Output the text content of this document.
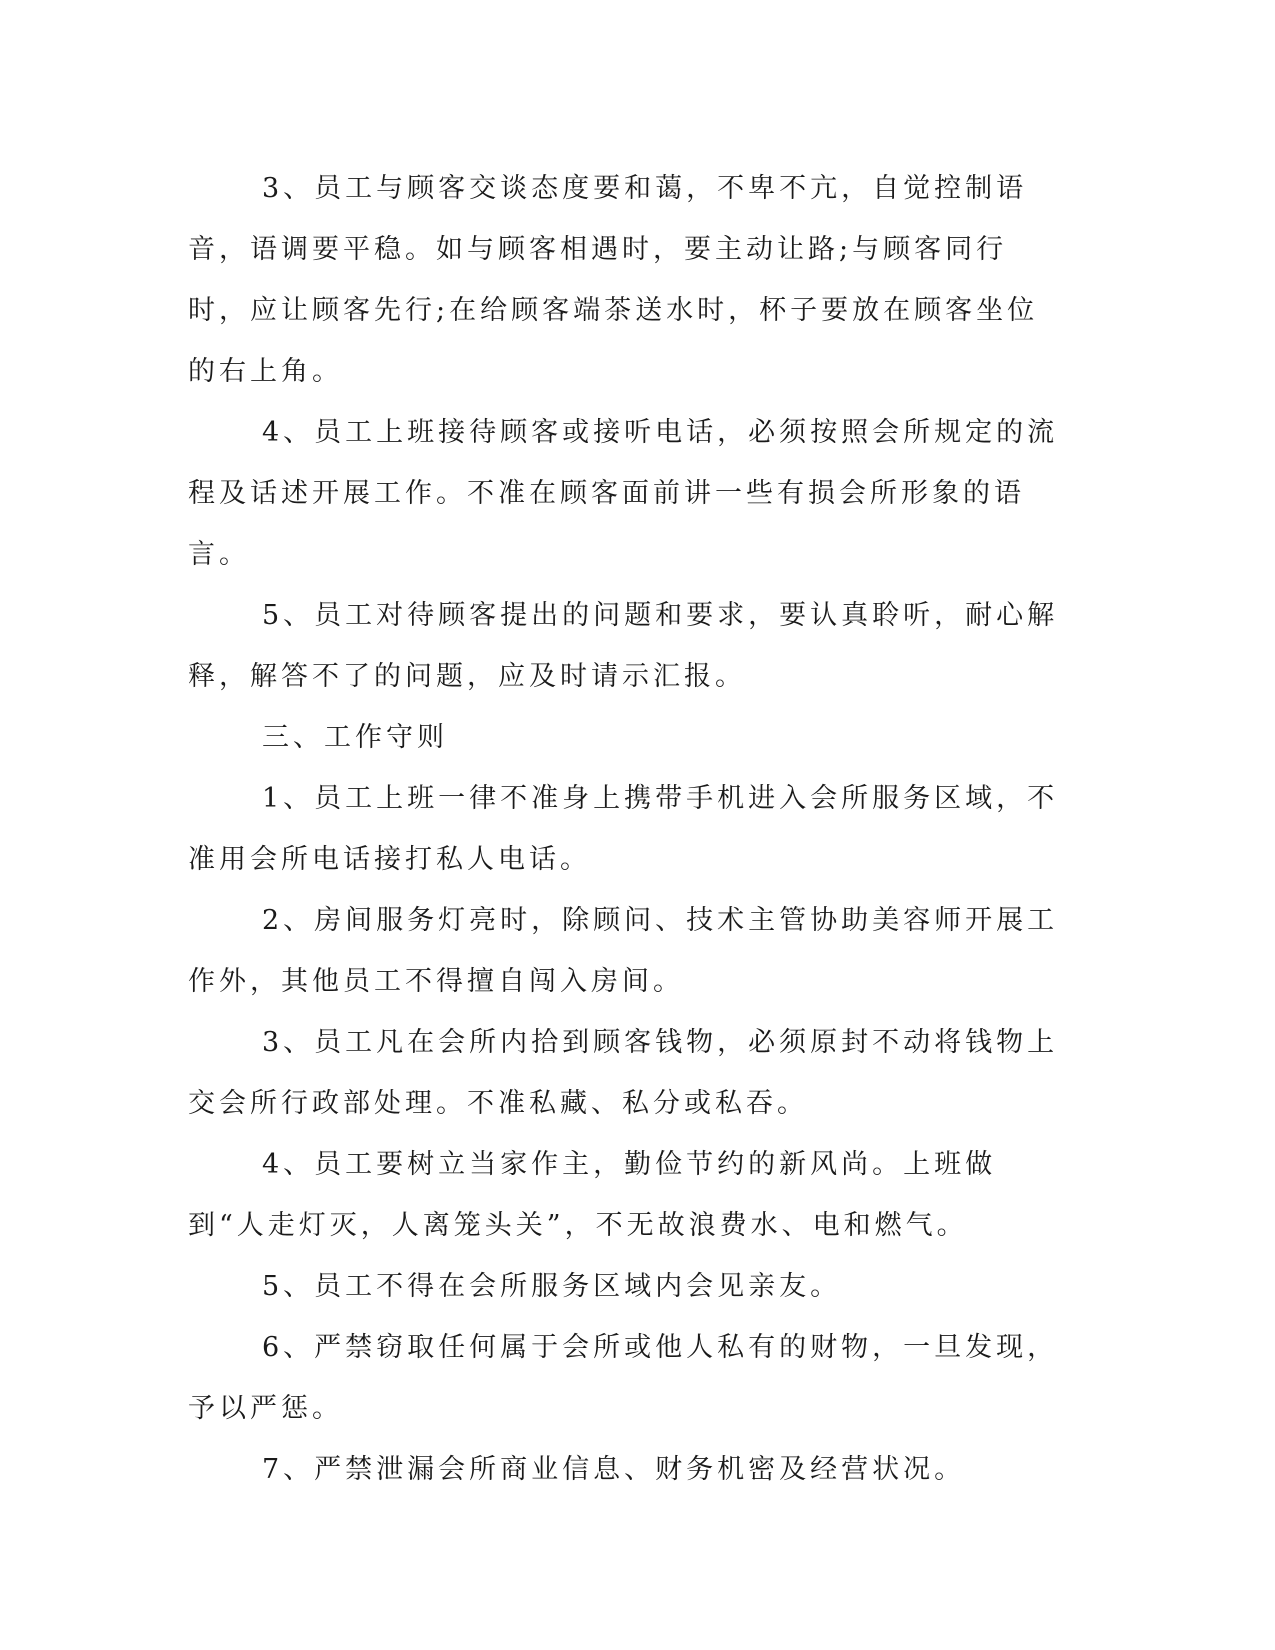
3、员工与顾客交谈态度要和蔼，不卑不亢，自觉控制语音，语调要平稳。如与顾客相遇时，要主动让路;与顾客同行时，应让顾客先行;在给顾客端茶送水时，杯子要放在顾客坐位的右上角。

4、员工上班接待顾客或接听电话，必须按照会所规定的流程及话述开展工作。不准在顾客面前讲一些有损会所形象的语言。

5、员工对待顾客提出的问题和要求，要认真聆听，耐心解释，解答不了的问题，应及时请示汇报。

三、工作守则

1、员工上班一律不准身上携带手机进入会所服务区域，不准用会所电话接打私人电话。

2、房间服务灯亮时，除顾问、技术主管协助美容师开展工作外，其他员工不得擅自闯入房间。

3、员工凡在会所内拾到顾客钱物，必须原封不动将钱物上交会所行政部处理。不准私藏、私分或私吞。

4、员工要树立当家作主，勤俭节约的新风尚。上班做到“人走灯灭，人离笼头关”，不无故浪费水、电和燃气。

5、员工不得在会所服务区域内会见亲友。

6、严禁窃取任何属于会所或他人私有的财物，一旦发现，予以严惩。

7、严禁泄漏会所商业信息、财务机密及经营状况。
